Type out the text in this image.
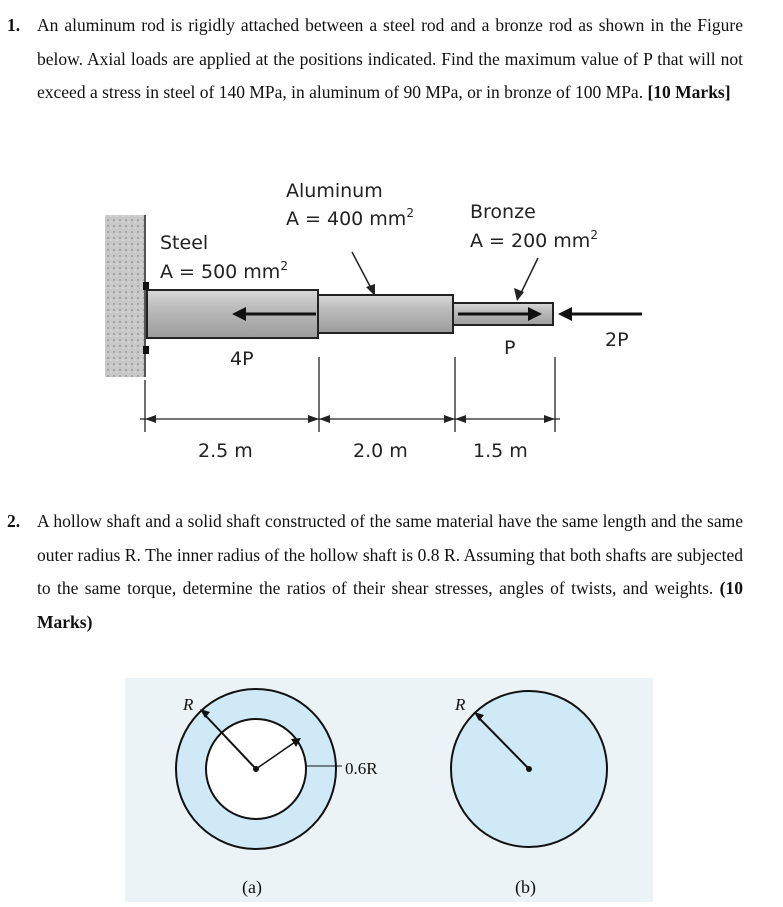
1. An aluminum rod is rigidly attached between a steel rod and a bronze rod as shown in the Figure below. Axial loads are applied at the positions indicated. Find the maximum value of P that will not exceed a stress in steel of 140 MPa, in aluminum of 90 MPa, or in bronze of 100 MPa. [10 Marks]
Aluminum
A = 400 $mm^2$	Bronze
A = 200 $mm^2$
Steel
A = 500 $mm^2$
4P	P	2P
2.5 m	2.0 m	1.5 m
2. A hollow shaft and a solid shaft constructed of the same material have the same length and the same outer radius R. The inner radius of the hollow shaft is 0.8 R. Assuming that both shafts are subjected to the same torque, determine the ratios of their shear stresses, angles of twists, and weights. (10 Marks)
R
0.6R
(a)
R
(b)
